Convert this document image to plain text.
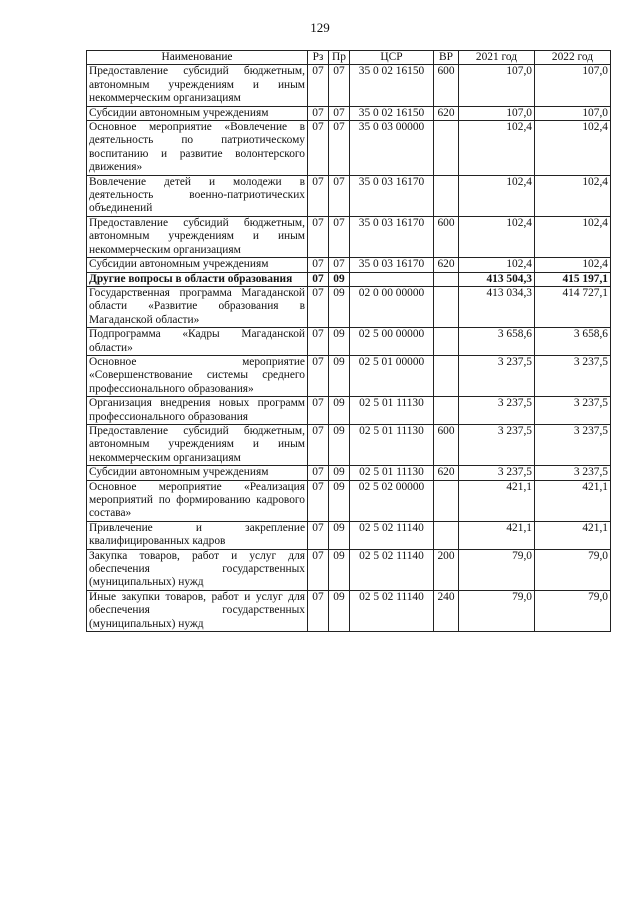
129
Наименование	Рз	Пр	ЦСР	ВР	2021 год	2022 год
Предоставление субсидий бюджетным, автономным учреждениям и иным некоммерческим организациям	07	07	35 0 02 16150	600	107,0	107,0
Субсидии автономным учреждениям	07	07	35 0 02 16150	620	107,0	107,0
Основное мероприятие «Вовлечение в деятельность по патриотическому воспитанию и развитие волонтерского движения»	07	07	35 0 03 00000		102,4	102,4
Вовлечение детей и молодежи в деятельность военно-патриотических объединений	07	07	35 0 03 16170		102,4	102,4
Предоставление субсидий бюджетным, автономным учреждениям и иным некоммерческим организациям	07	07	35 0 03 16170	600	102,4	102,4
Субсидии автономным учреждениям	07	07	35 0 03 16170	620	102,4	102,4
Другие вопросы в области образования	07	09			413 504,3	415 197,1
Государственная программа Магаданской области «Развитие образования в Магаданской области»	07	09	02 0 00 00000		413 034,3	414 727,1
Подпрограмма «Кадры Магаданской области»	07	09	02 5 00 00000		3 658,6	3 658,6
Основное мероприятие «Совершенствование системы среднего профессионального образования»	07	09	02 5 01 00000		3 237,5	3 237,5
Организация внедрения новых программ профессионального образования	07	09	02 5 01 11130		3 237,5	3 237,5
Предоставление субсидий бюджетным, автономным учреждениям и иным некоммерческим организациям	07	09	02 5 01 11130	600	3 237,5	3 237,5
Субсидии автономным учреждениям	07	09	02 5 01 11130	620	3 237,5	3 237,5
Основное мероприятие «Реализация мероприятий по формированию кадрового состава»	07	09	02 5 02 00000		421,1	421,1
Привлечение и закрепление квалифицированных кадров	07	09	02 5 02 11140		421,1	421,1
Закупка товаров, работ и услуг для обеспечения государственных (муниципальных) нужд	07	09	02 5 02 11140	200	79,0	79,0
Иные закупки товаров, работ и услуг для обеспечения государственных (муниципальных) нужд	07	09	02 5 02 11140	240	79,0	79,0
